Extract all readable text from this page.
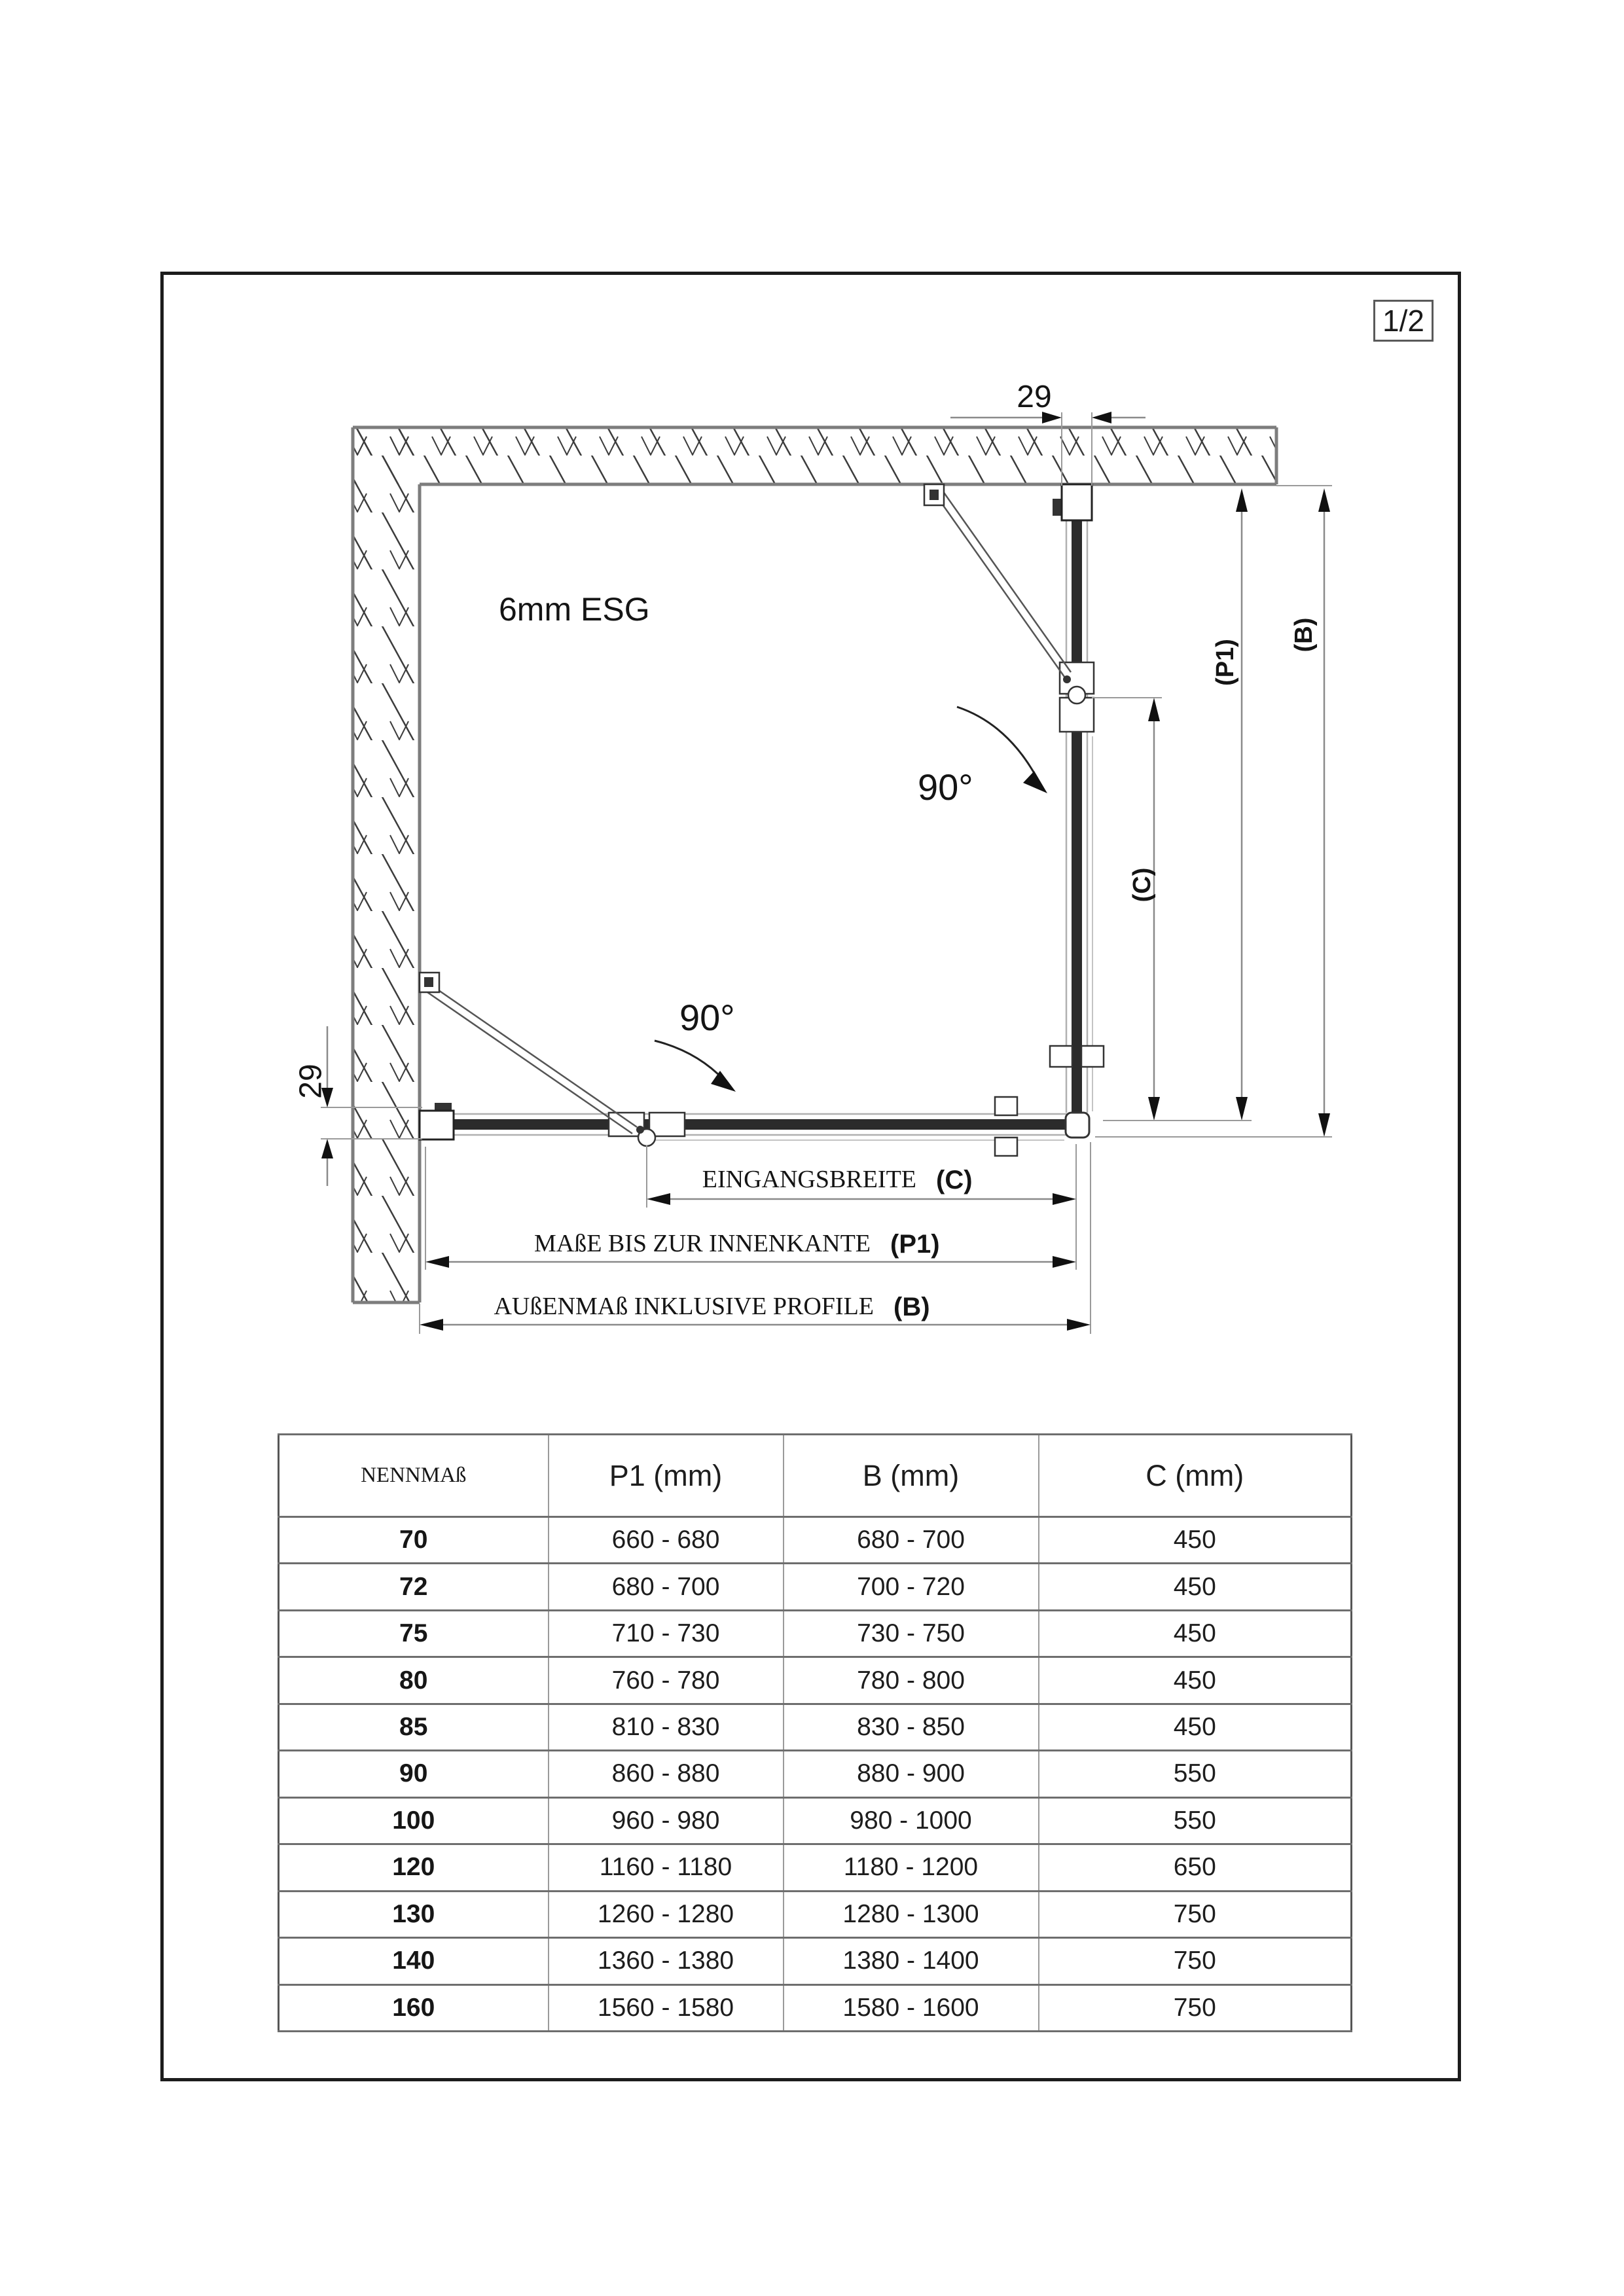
1/2
29
29
(C)
(P1)
(B)
EINGANGSBREITE (C)
MAßE BIS ZUR INNENKANTE (P1)
AUßENMAß INKLUSIVE PROFILE (B)
6mm ESG
90°
90°
NENNMAß	P1 (mm)	B (mm)	C (mm)
70	660 - 680	680 - 700	450
72	680 - 700	700 - 720	450
75	710 - 730	730 - 750	450
80	760 - 780	780 - 800	450
85	810 - 830	830 - 850	450
90	860 - 880	880 - 900	550
100	960 - 980	980 - 1000	550
120	1160 - 1180	1180 - 1200	650
130	1260 - 1280	1280 - 1300	750
140	1360 - 1380	1380 - 1400	750
160	1560 - 1580	1580 - 1600	750
